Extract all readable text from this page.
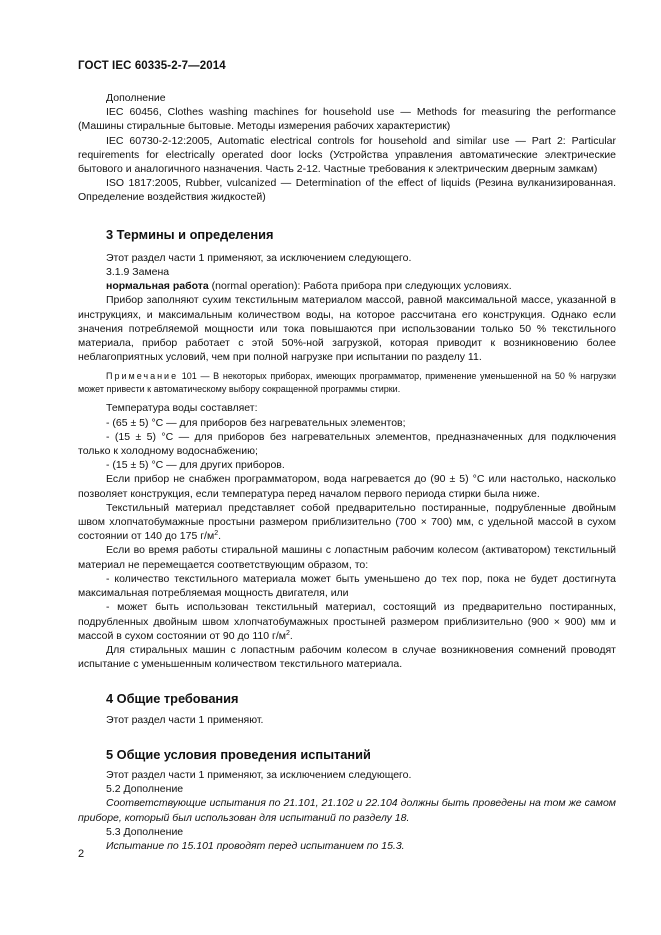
ГОСТ IEC 60335-2-7—2014

Дополнение

IEC 60456, Clothes washing machines for household use — Methods for measuring the performance (Машины стиральные бытовые. Методы измерения рабочих характеристик)

IEC 60730-2-12:2005, Automatic electrical controls for household and similar use — Part 2: Particular requirements for electrically operated door locks (Устройства управления автоматические электрические бытового и аналогичного назначения. Часть 2-12. Частные требования к электрическим дверным замкам)

ISO 1817:2005, Rubber, vulcanized — Determination of the effect of liquids (Резина вулканизированная. Определение воздействия жидкостей)

3 Термины и определения

Этот раздел части 1 применяют, за исключением следующего.

3.1.9 Замена

нормальная работа (normal operation): Работа прибора при следующих условиях.

Прибор заполняют сухим текстильным материалом массой, равной максимальной массе, указанной в инструкциях, и максимальным количеством воды, на которое рассчитана его конструкция. Однако если значения потребляемой мощности или тока повышаются при использовании только 50 % текстильного материала, прибор работает с этой 50%-ной загрузкой, которая приводит к возникновению более неблагоприятных условий, чем при полной нагрузке при испытании по разделу 11.

Примечание 101 — В некоторых приборах, имеющих программатор, применение уменьшенной на 50 % нагрузки может привести к автоматическому выбору сокращенной программы стирки.

Температура воды составляет:

- (65 ± 5) °С — для приборов без нагревательных элементов;

- (15 ± 5) °С — для приборов без нагревательных элементов, предназначенных для подключения только к холодному водоснабжению;

- (15 ± 5) °С — для других приборов.

Если прибор не снабжен программатором, вода нагревается до (90 ± 5) °С или настолько, насколько позволяет конструкция, если температура перед началом первого периода стирки была ниже.

Текстильный материал представляет собой предварительно постиранные, подрубленные двойным швом хлопчатобумажные простыни размером приблизительно (700 × 700) мм, с удельной массой в сухом состоянии от 140 до 175 $г/м^2$.

Если во время работы стиральной машины с лопастным рабочим колесом (активатором) текстильный материал не перемещается соответствующим образом, то:

- количество текстильного материала может быть уменьшено до тех пор, пока не будет достигнута максимальная потребляемая мощность двигателя, или

- может быть использован текстильный материал, состоящий из предварительно постиранных, подрубленных двойным швом хлопчатобумажных простыней размером приблизительно (900 × 900) мм и массой в сухом состоянии от 90 до 110 $г/м^2$.

Для стиральных машин с лопастным рабочим колесом в случае возникновения сомнений проводят испытание с уменьшенным количеством текстильного материала.

4 Общие требования

Этот раздел части 1 применяют.

5 Общие условия проведения испытаний

Этот раздел части 1 применяют, за исключением следующего.

5.2 Дополнение

Соответствующие испытания по 21.101, 21.102 и 22.104 должны быть проведены на том же самом приборе, который был использован для испытаний по разделу 18.

5.3 Дополнение

Испытание по 15.101 проводят перед испытанием по 15.3.

2
